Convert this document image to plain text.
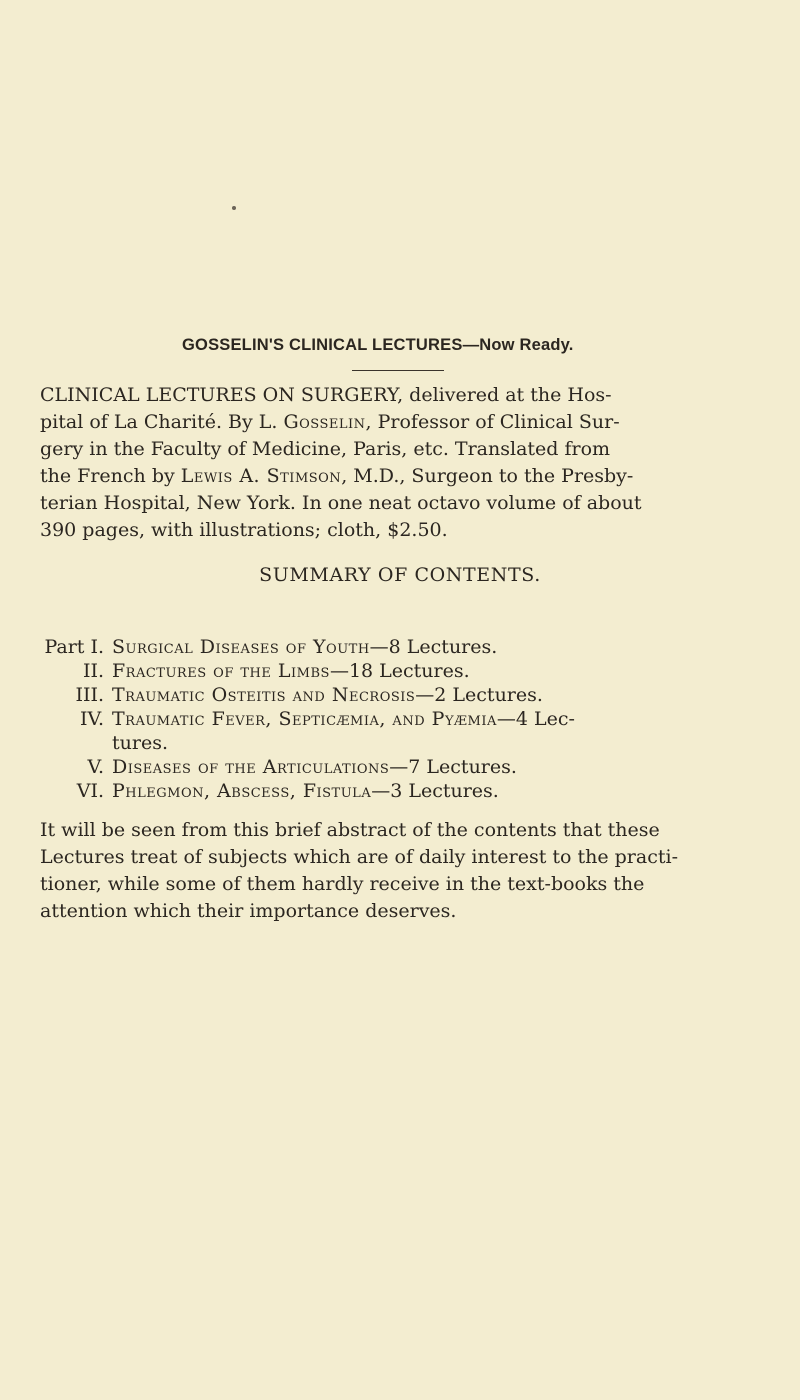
GOSSELIN'S CLINICAL LECTURES—Now Ready.

CLINICAL LECTURES ON SURGERY, delivered at the Hos-
pital of La Charité. By L. Gosselin, Professor of Clinical Sur-
gery in the Faculty of Medicine, Paris, etc. Translated from
the French by Lewis A. Stimson, M.D., Surgeon to the Presby-
terian Hospital, New York. In one neat octavo volume of about
390 pages, with illustrations; cloth, $2.50.

SUMMARY OF CONTENTS.
Part I. Surgical Diseases of Youth—8 Lectures.
II. Fractures of the Limbs—18 Lectures.
III. Traumatic Osteitis and Necrosis—2 Lectures.
IV. Traumatic Fever, Septicæmia, and Pyæmia—4 Lec-
tures.
V. Diseases of the Articulations—7 Lectures.
VI. Phlegmon, Abscess, Fistula—3 Lectures.

It will be seen from this brief abstract of the contents that these
Lectures treat of subjects which are of daily interest to the practi-
tioner, while some of them hardly receive in the text-books the
attention which their importance deserves.
